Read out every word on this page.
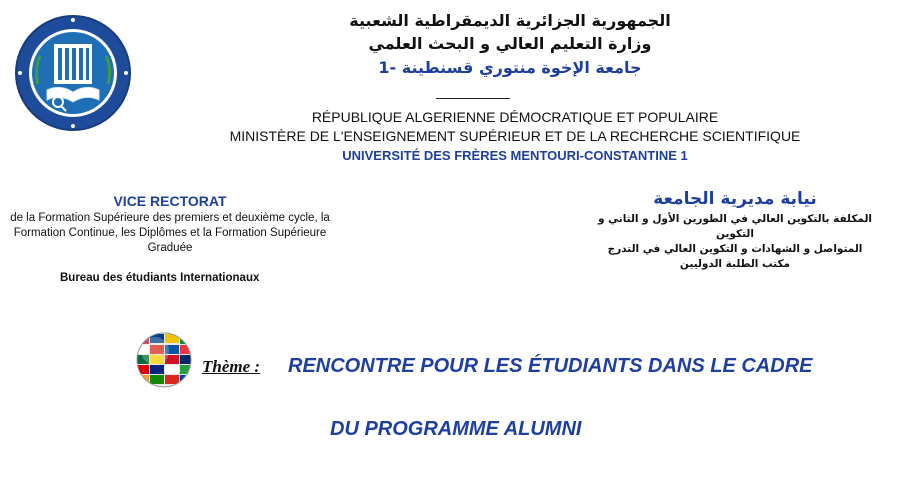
الجمهورية الجزائرية الديمقراطية الشعبية
وزارة التعليم العالي و البحث العلمي
جامعة الإخوة منتوري قسنطينة -1
RÉPUBLIQUE ALGERIENNE DÉMOCRATIQUE ET POPULAIRE
MINISTÈRE DE L'ENSEIGNEMENT SUPÉRIEUR ET DE LA RECHERCHE SCIENTIFIQUE
UNIVERSITÉ DES FRÈRES MENTOURI-CONSTANTINE 1
VICE RECTORAT
de la Formation Supérieure des premiers et deuxième cycle, la Formation Continue, les Diplômes et la Formation Supérieure Graduée
Bureau des étudiants Internationaux
نيابة مديرية الجامعة
المكلفة بالتكوين العالي في الطورين الأول و الثاني و التكوين
المتواصل و الشهادات و التكوين العالي في التدرج
مكتب الطلبة الدوليين
Thème : RENCONTRE POUR LES ÉTUDIANTS DANS LE CADRE
DU PROGRAMME ALUMNI
